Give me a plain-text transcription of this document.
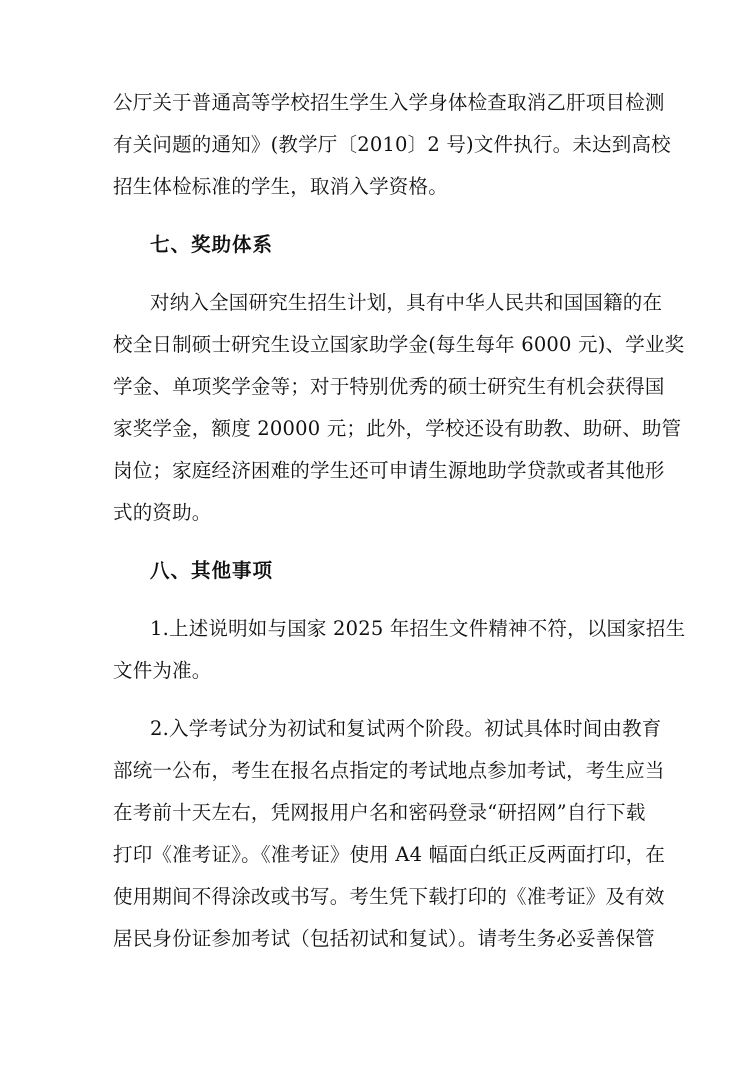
公厅关于普通高等学校招生学生入学身体检查取消乙肝项目检测
有关问题的通知》(教学厅〔2010〕2 号)文件执行。未达到高校
招生体检标准的学生，取消入学资格。
七、奖助体系
对纳入全国研究生招生计划，具有中华人民共和国国籍的在
校全日制硕士研究生设立国家助学金(每生每年 6000 元)、学业奖
学金、单项奖学金等；对于特别优秀的硕士研究生有机会获得国
家奖学金，额度 20000 元；此外，学校还设有助教、助研、助管
岗位；家庭经济困难的学生还可申请生源地助学贷款或者其他形
式的资助。
八、其他事项
1.上述说明如与国家 2025 年招生文件精神不符，以国家招生
文件为准。
2.入学考试分为初试和复试两个阶段。初试具体时间由教育
部统一公布，考生在报名点指定的考试地点参加考试，考生应当
在考前十天左右，凭网报用户名和密码登录“研招网”自行下载
打印《准考证》。《准考证》使用 A4 幅面白纸正反两面打印，在
使用期间不得涂改或书写。考生凭下载打印的《准考证》及有效
居民身份证参加考试（包括初试和复试）。请考生务必妥善保管
